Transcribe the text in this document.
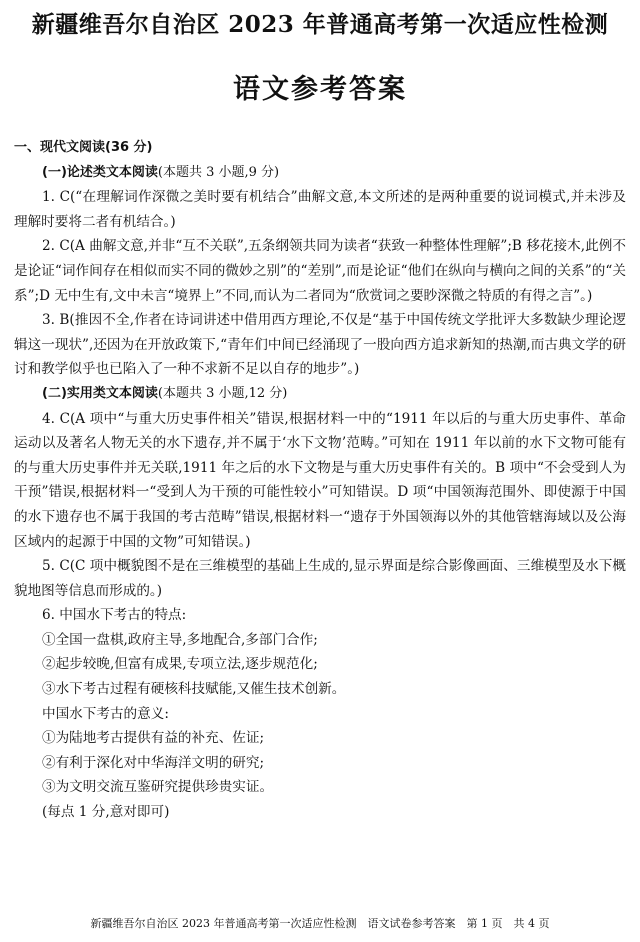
新疆维吾尔自治区 2023 年普通高考第一次适应性检测
语文参考答案

一、现代文阅读(36 分)

(一)论述类文本阅读(本题共 3 小题,9 分)

1. C(“在理解词作深微之美时要有机结合”曲解文意,本文所述的是两种重要的说词模式,并未涉及理解时要将二者有机结合。)

2. C(A 曲解文意,并非“互不关联”,五条纲领共同为读者“获致一种整体性理解”;B 移花接木,此例不是论证“词作间存在相似而实不同的微妙之别”的“差别”,而是论证“他们在纵向与横向之间的关系”的“关系”;D 无中生有,文中未言“境界上”不同,而认为二者同为“欣赏词之要眇深微之特质的有得之言”。)

3. B(推因不全,作者在诗词讲述中借用西方理论,不仅是“基于中国传统文学批评大多数缺少理论逻辑这一现状”,还因为在开放政策下,“青年们中间已经涌现了一股向西方追求新知的热潮,而古典文学的研讨和教学似乎也已陷入了一种不求新不足以自存的地步”。)

(二)实用类文本阅读(本题共 3 小题,12 分)

4. C(A 项中“与重大历史事件相关”错误,根据材料一中的“1911 年以后的与重大历史事件、革命运动以及著名人物无关的水下遗存,并不属于‘水下文物’范畴。”可知在 1911 年以前的水下文物可能有的与重大历史事件并无关联,1911 年之后的水下文物是与重大历史事件有关的。B 项中“不会受到人为干预”错误,根据材料一“受到人为干预的可能性较小”可知错误。D 项“中国领海范围外、即使源于中国的水下遗存也不属于我国的考古范畴”错误,根据材料一“遗存于外国领海以外的其他管辖海域以及公海区域内的起源于中国的文物”可知错误。)

5. C(C 项中概貌图不是在三维模型的基础上生成的,显示界面是综合影像画面、三维模型及水下概貌地图等信息而形成的。)

6. 中国水下考古的特点:

①全国一盘棋,政府主导,多地配合,多部门合作;

②起步较晚,但富有成果,专项立法,逐步规范化;

③水下考古过程有硬核科技赋能,又催生技术创新。

中国水下考古的意义:

①为陆地考古提供有益的补充、佐证;

②有利于深化对中华海洋文明的研究;

③为文明交流互鉴研究提供珍贵实证。

(每点 1 分,意对即可)

新疆维吾尔自治区 2023 年普通高考第一次适应性检测　语文试卷参考答案　第 1 页　共 4 页
